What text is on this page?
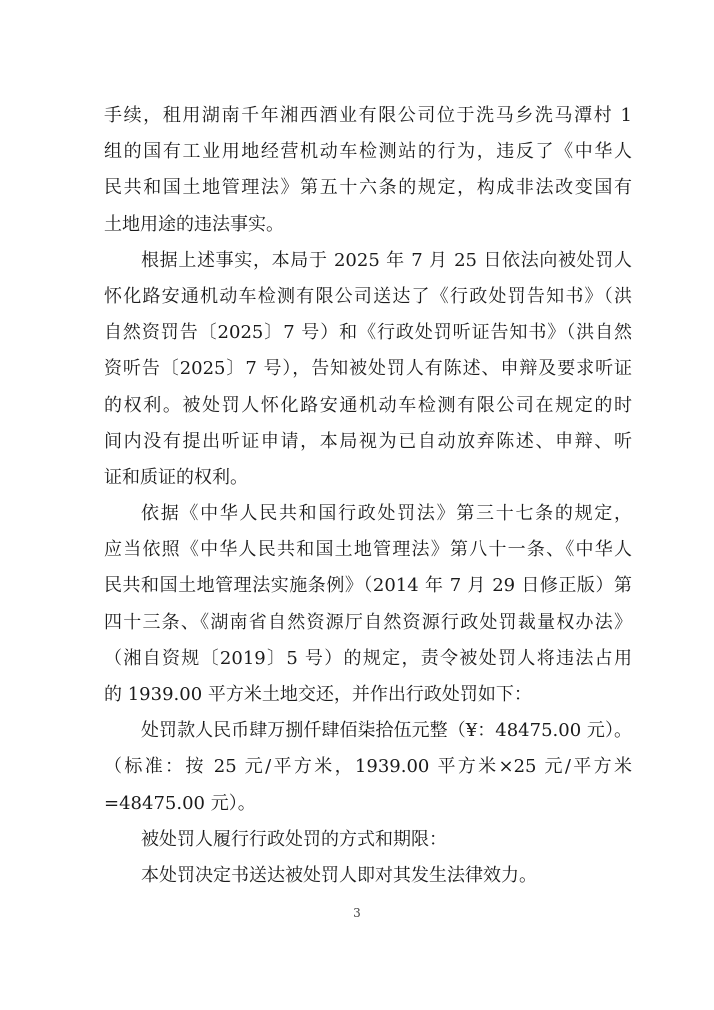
手续，租用湖南千年湘西酒业有限公司位于洗马乡洗马潭村 1
组的国有工业用地经营机动车检测站的行为，违反了《中华人
民共和国土地管理法》第五十六条的规定，构成非法改变国有
土地用途的违法事实。
根据上述事实，本局于 2025 年 7 月 25 日依法向被处罚人
怀化路安通机动车检测有限公司送达了《行政处罚告知书》（洪
自然资罚告〔2025〕7 号）和《行政处罚听证告知书》（洪自然
资听告〔2025〕7 号），告知被处罚人有陈述、申辩及要求听证
的权利。被处罚人怀化路安通机动车检测有限公司在规定的时
间内没有提出听证申请，本局视为已自动放弃陈述、申辩、听
证和质证的权利。
依据《中华人民共和国行政处罚法》第三十七条的规定，
应当依照《中华人民共和国土地管理法》第八十一条、《中华人
民共和国土地管理法实施条例》（2014 年 7 月 29 日修正版）第
四十三条、《湖南省自然资源厅自然资源行政处罚裁量权办法》
（湘自资规〔2019〕5 号）的规定，责令被处罚人将违法占用
的 1939.00 平方米土地交还，并作出行政处罚如下：
处罚款人民币肆万捌仟肆佰柒拾伍元整（¥：48475.00 元）。
（标准：按 25 元/平方米，1939.00 平方米×25 元/平方米
=48475.00 元）。
被处罚人履行行政处罚的方式和期限：
本处罚决定书送达被处罚人即对其发生法律效力。
3
